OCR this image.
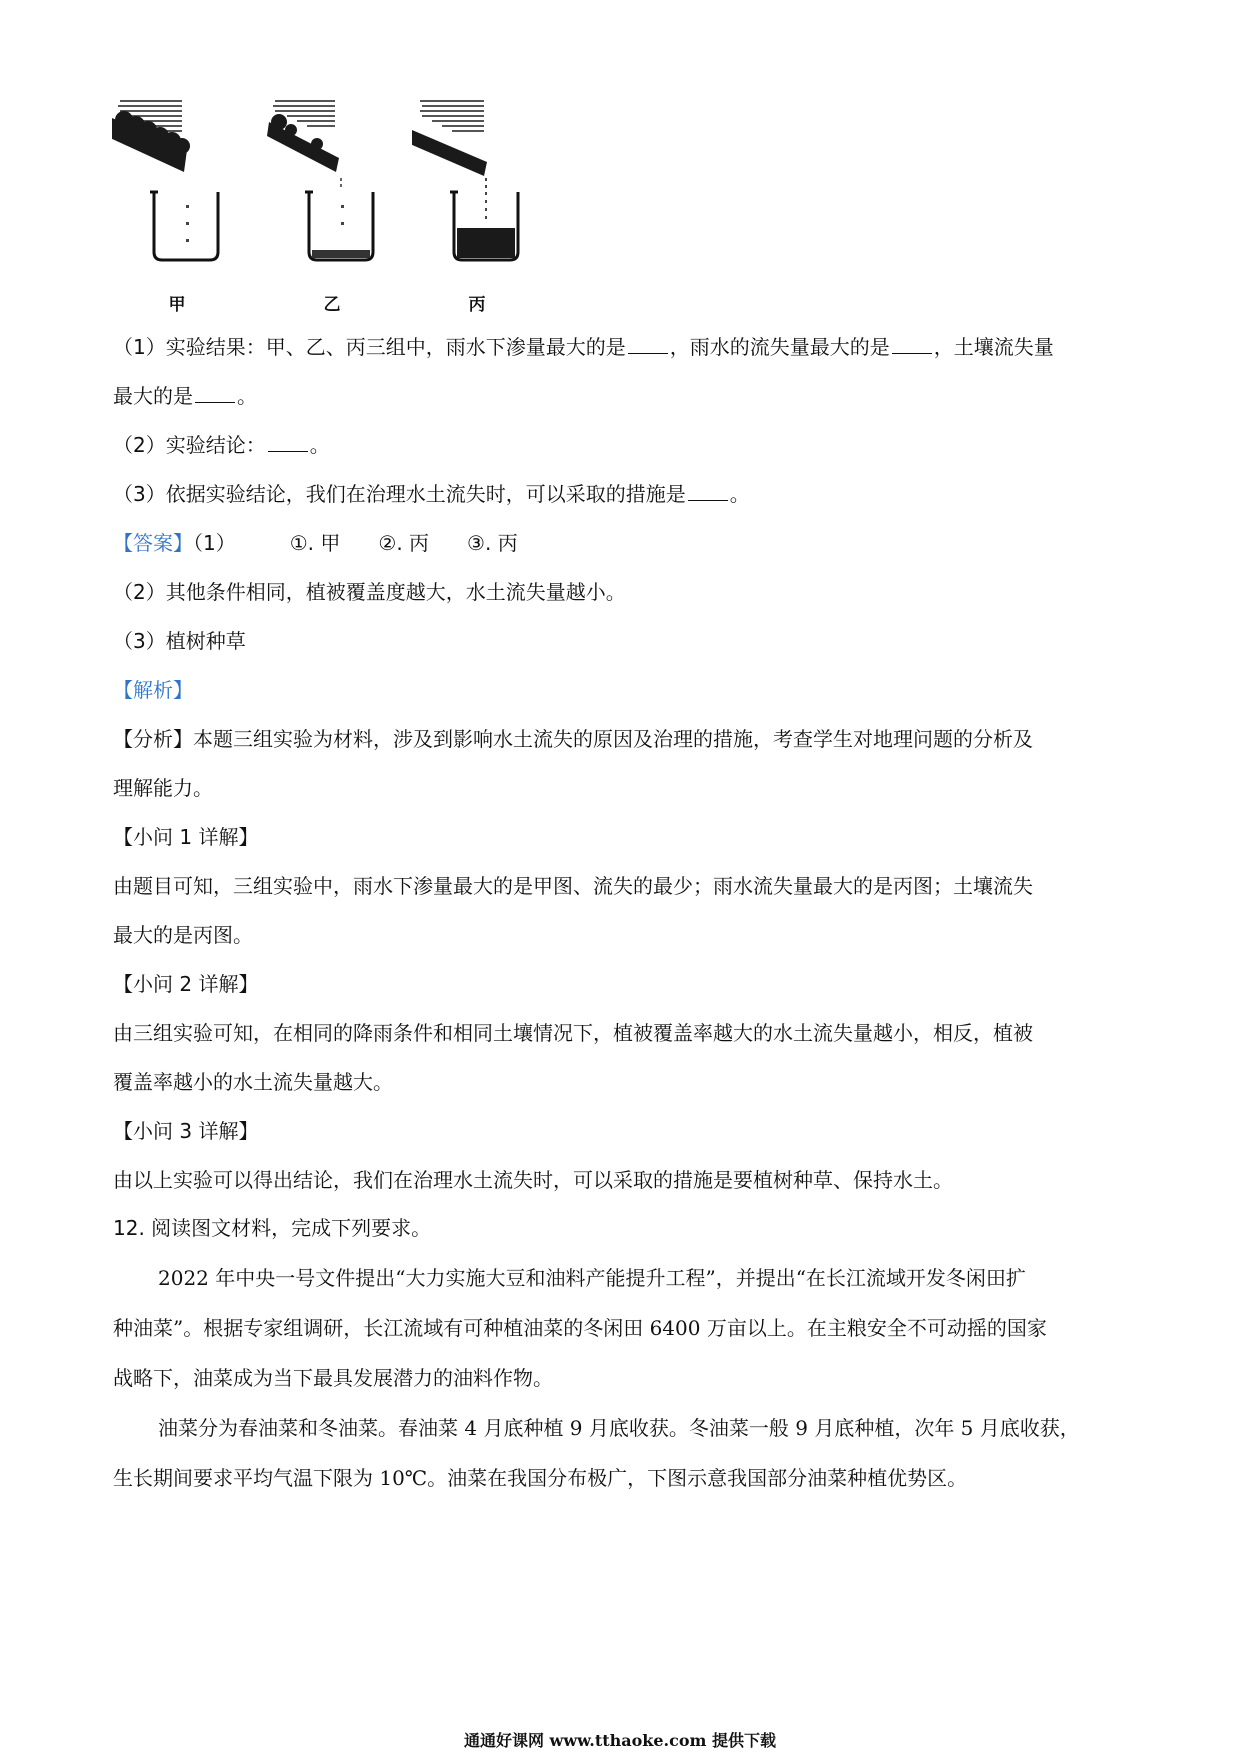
甲	乙	丙
（1）实验结果：甲、乙、丙三组中，雨水下渗量最大的是 ，雨水的流失量最大的是 ，土壤流失量
最大的是 。
（2）实验结论： 。
（3）依据实验结论，我们在治理水土流失时，可以采取的措施是 。
【答案】（1）	①. 甲 ②. 丙 ③. 丙
（2）其他条件相同，植被覆盖度越大，水土流失量越小。
（3）植树种草
【解析】
【分析】本题三组实验为材料，涉及到影响水土流失的原因及治理的措施，考查学生对地理问题的分析及
理解能力。
【小问 1 详解】
由题目可知，三组实验中，雨水下渗量最大的是甲图、流失的最少；雨水流失量最大的是丙图；土壤流失
最大的是丙图。
【小问 2 详解】
由三组实验可知，在相同的降雨条件和相同土壤情况下，植被覆盖率越大的水土流失量越小，相反，植被
覆盖率越小的水土流失量越大。
【小问 3 详解】
由以上实验可以得出结论，我们在治理水土流失时，可以采取的措施是要植树种草、保持水土。
12. 阅读图文材料，完成下列要求。
2022 年中央一号文件提出“大力实施大豆和油料产能提升工程”，并提出“在长江流域开发冬闲田扩
种油菜”。根据专家组调研，长江流域有可种植油菜的冬闲田 6400 万亩以上。在主粮安全不可动摇的国家
战略下，油菜成为当下最具发展潜力的油料作物。
油菜分为春油菜和冬油菜。春油菜 4 月底种植 9 月底收获。冬油菜一般 9 月底种植，次年 5 月底收获，
生长期间要求平均气温下限为 10℃。油菜在我国分布极广，下图示意我国部分油菜种植优势区。
通通好课网 www.tthaoke.com 提供下载
